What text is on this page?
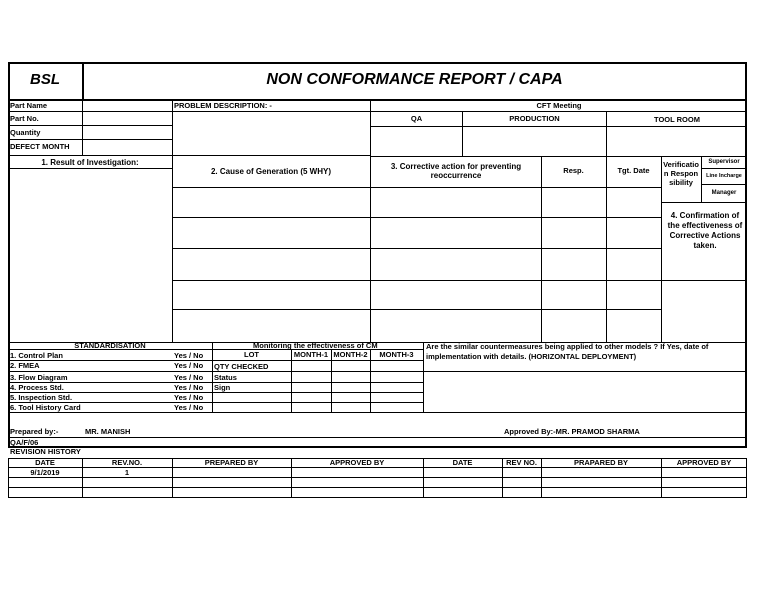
BSL	NON CONFORMANCE REPORT / CAPA
Part Name
Part No.
Quantity
DEFECT MONTH
PROBLEM DESCRIPTION: -	CFT Meeting
QA	PRODUCTION	TOOL ROOM
1. Result of Investigation:
2. Cause of Generation (5 WHY)
3. Corrective action for preventing reoccurrence
Resp.	Tgt. Date
Verification Responsibility
Supervisor
Line Incharge
Manager
4. Confirmation of the effectiveness of Corrective Actions taken.
STANDARDISATION
1. Control Plan	Yes / No
2. FMEA	Yes / No
3. Flow Diagram	Yes / No
4. Process Std.	Yes / No
5. Inspection Std.	Yes / No
6. Tool History Card	Yes / No
Monitoring the effectiveness of CM
LOT	MONTH-1 MONTH-2	MONTH-3
QTY CHECKED
Status
Sign
Are the similar countermeasures being applied to other models ? If Yes, date of implementation with details. (HORIZONTAL DEPLOYMENT)
Prepared by:-	MR. MANISH	Approved By:-MR. PRAMOD SHARMA
QA/F/06
REVISION HISTORY
DATE	REV.NO.	PREPARED BY	APPROVED BY	DATE	REV NO.	PRAPARED BY	APPROVED BY
9/1/2019	1
